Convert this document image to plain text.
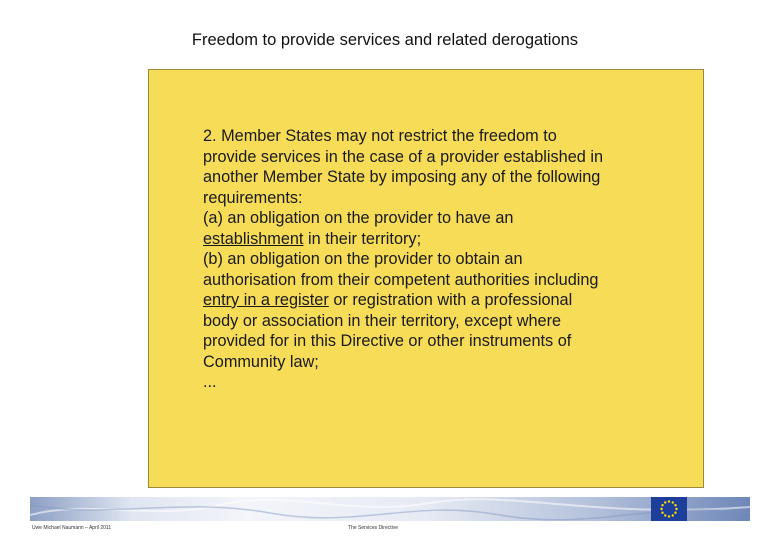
Freedom to provide services and related derogations
2. Member States may not restrict the freedom to
provide services in the case of a provider established in
another Member State by imposing any of the following
requirements:
(a) an obligation on the provider to have an
establishment in their territory;
(b) an obligation on the provider to obtain an
authorisation from their competent authorities including
entry in a register or registration with a professional
body or association in their territory, except where
provided for in this Directive or other instruments of
Community law;
...
Uwe Michael Naumann – April 2011	The Services Directive
